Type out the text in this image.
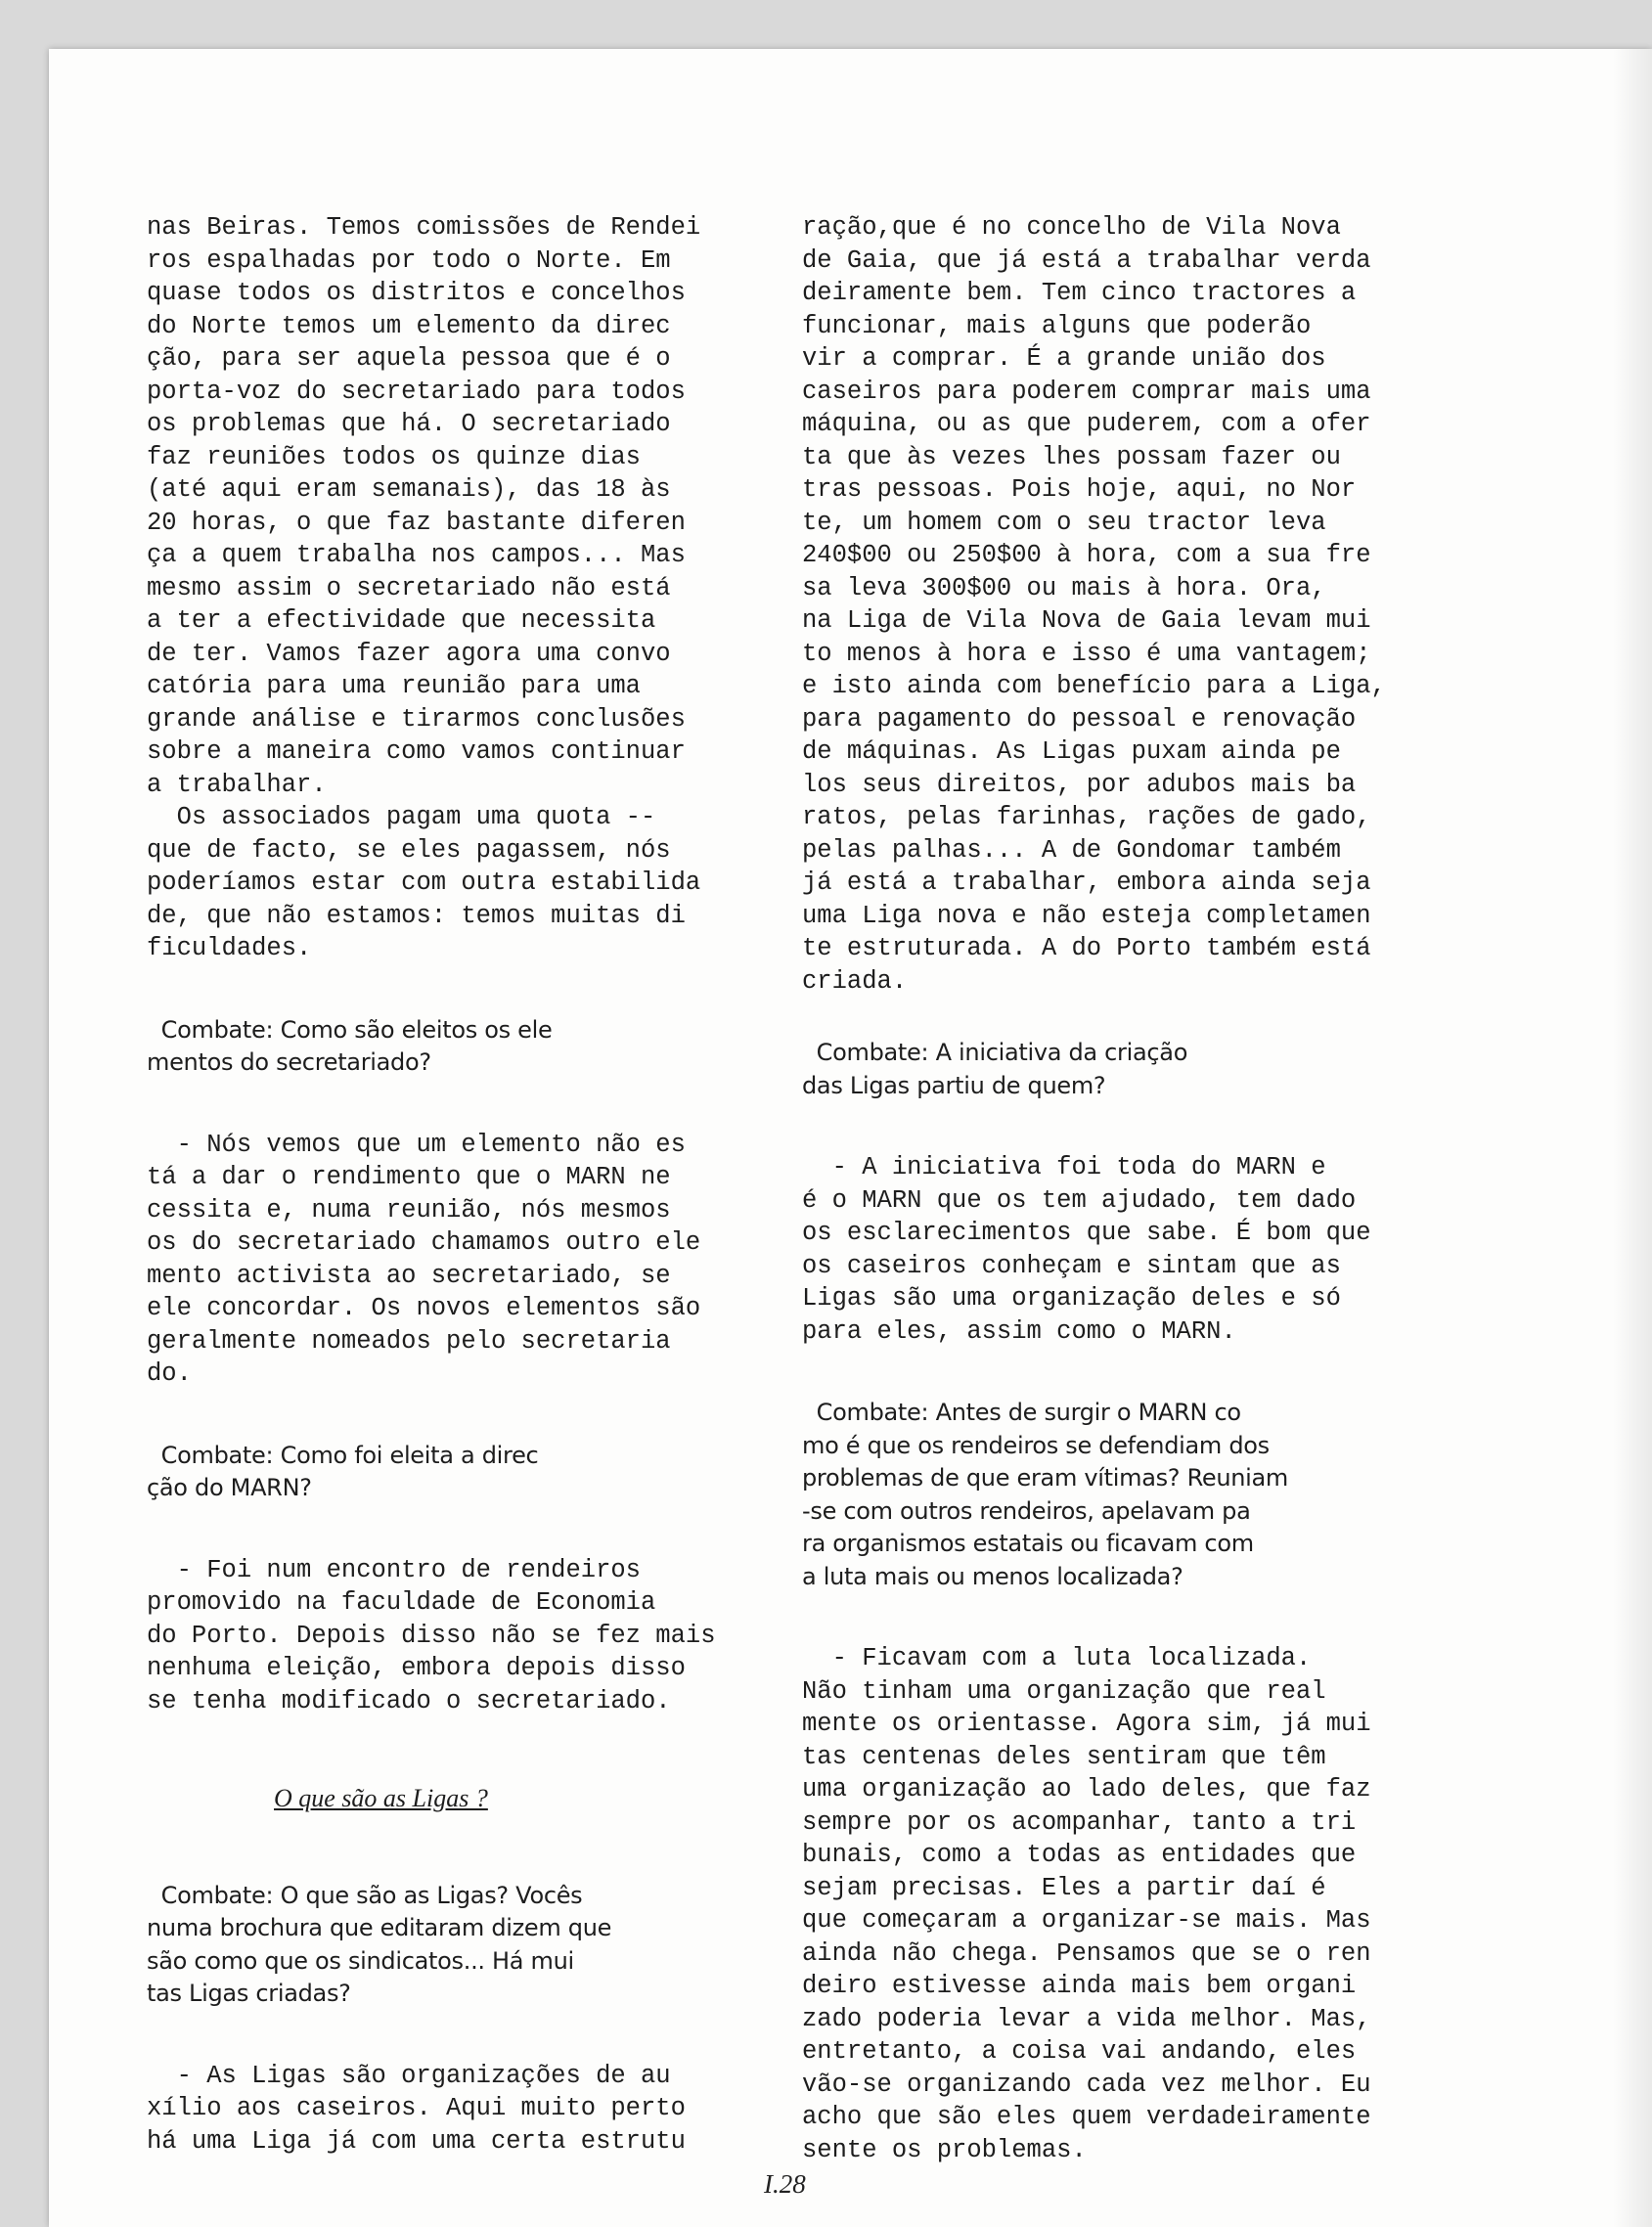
nas Beiras. Temos comissões de Rendei
ros espalhadas por todo o Norte. Em
quase todos os distritos e concelhos
do Norte temos um elemento da direc
ção, para ser aquela pessoa que é o
porta-voz do secretariado para todos
os problemas que há. O secretariado
faz reuniões todos os quinze dias
(até aqui eram semanais), das 18 às
20 horas, o que faz bastante diferen
ça a quem trabalha nos campos... Mas
mesmo assim o secretariado não está
a ter a efectividade que necessita
de ter. Vamos fazer agora uma convo
catória para uma reunião para uma
grande análise e tirarmos conclusões
sobre a maneira como vamos continuar
a trabalhar.
Os associados pagam uma quota --
que de facto, se eles pagassem, nós
poderíamos estar com outra estabilida
de, que não estamos: temos muitas di
ficuldades.
Combate: Como são eleitos os ele
mentos do secretariado?
- Nós vemos que um elemento não es
tá a dar o rendimento que o MARN ne
cessita e, numa reunião, nós mesmos
os do secretariado chamamos outro ele
mento activista ao secretariado, se
ele concordar. Os novos elementos são
geralmente nomeados pelo secretaria
do.
Combate: Como foi eleita a direc
ção do MARN?
- Foi num encontro de rendeiros
promovido na faculdade de Economia
do Porto. Depois disso não se fez mais
nenhuma eleição, embora depois disso
se tenha modificado o secretariado.
O que são as Ligas ?
Combate: O que são as Ligas? Vocês
numa brochura que editaram dizem que
são como que os sindicatos... Há mui
tas Ligas criadas?
- As Ligas são organizações de au
xílio aos caseiros. Aqui muito perto
há uma Liga já com uma certa estrutu
ração,que é no concelho de Vila Nova
de Gaia, que já está a trabalhar verda
deiramente bem. Tem cinco tractores a
funcionar, mais alguns que poderão
vir a comprar. É a grande união dos
caseiros para poderem comprar mais uma
máquina, ou as que puderem, com a ofer
ta que às vezes lhes possam fazer ou
tras pessoas. Pois hoje, aqui, no Nor
te, um homem com o seu tractor leva
240$00 ou 250$00 à hora, com a sua fre
sa leva 300$00 ou mais à hora. Ora,
na Liga de Vila Nova de Gaia levam mui
to menos à hora e isso é uma vantagem;
e isto ainda com benefício para a Liga,
para pagamento do pessoal e renovação
de máquinas. As Ligas puxam ainda pe
los seus direitos, por adubos mais ba
ratos, pelas farinhas, rações de gado,
pelas palhas... A de Gondomar também
já está a trabalhar, embora ainda seja
uma Liga nova e não esteja completamen
te estruturada. A do Porto também está
criada.
Combate: A iniciativa da criação
das Ligas partiu de quem?
- A iniciativa foi toda do MARN e
é o MARN que os tem ajudado, tem dado
os esclarecimentos que sabe. É bom que
os caseiros conheçam e sintam que as
Ligas são uma organização deles e só
para eles, assim como o MARN.
Combate: Antes de surgir o MARN co
mo é que os rendeiros se defendiam dos
problemas de que eram vítimas? Reuniam
-se com outros rendeiros, apelavam pa
ra organismos estatais ou ficavam com
a luta mais ou menos localizada?
- Ficavam com a luta localizada.
Não tinham uma organização que real
mente os orientasse. Agora sim, já mui
tas centenas deles sentiram que têm
uma organização ao lado deles, que faz
sempre por os acompanhar, tanto a tri
bunais, como a todas as entidades que
sejam precisas. Eles a partir daí é
que começaram a organizar-se mais. Mas
ainda não chega. Pensamos que se o ren
deiro estivesse ainda mais bem organi
zado poderia levar a vida melhor. Mas,
entretanto, a coisa vai andando, eles
vão-se organizando cada vez melhor. Eu
acho que são eles quem verdadeiramente
sente os problemas.
I.28
